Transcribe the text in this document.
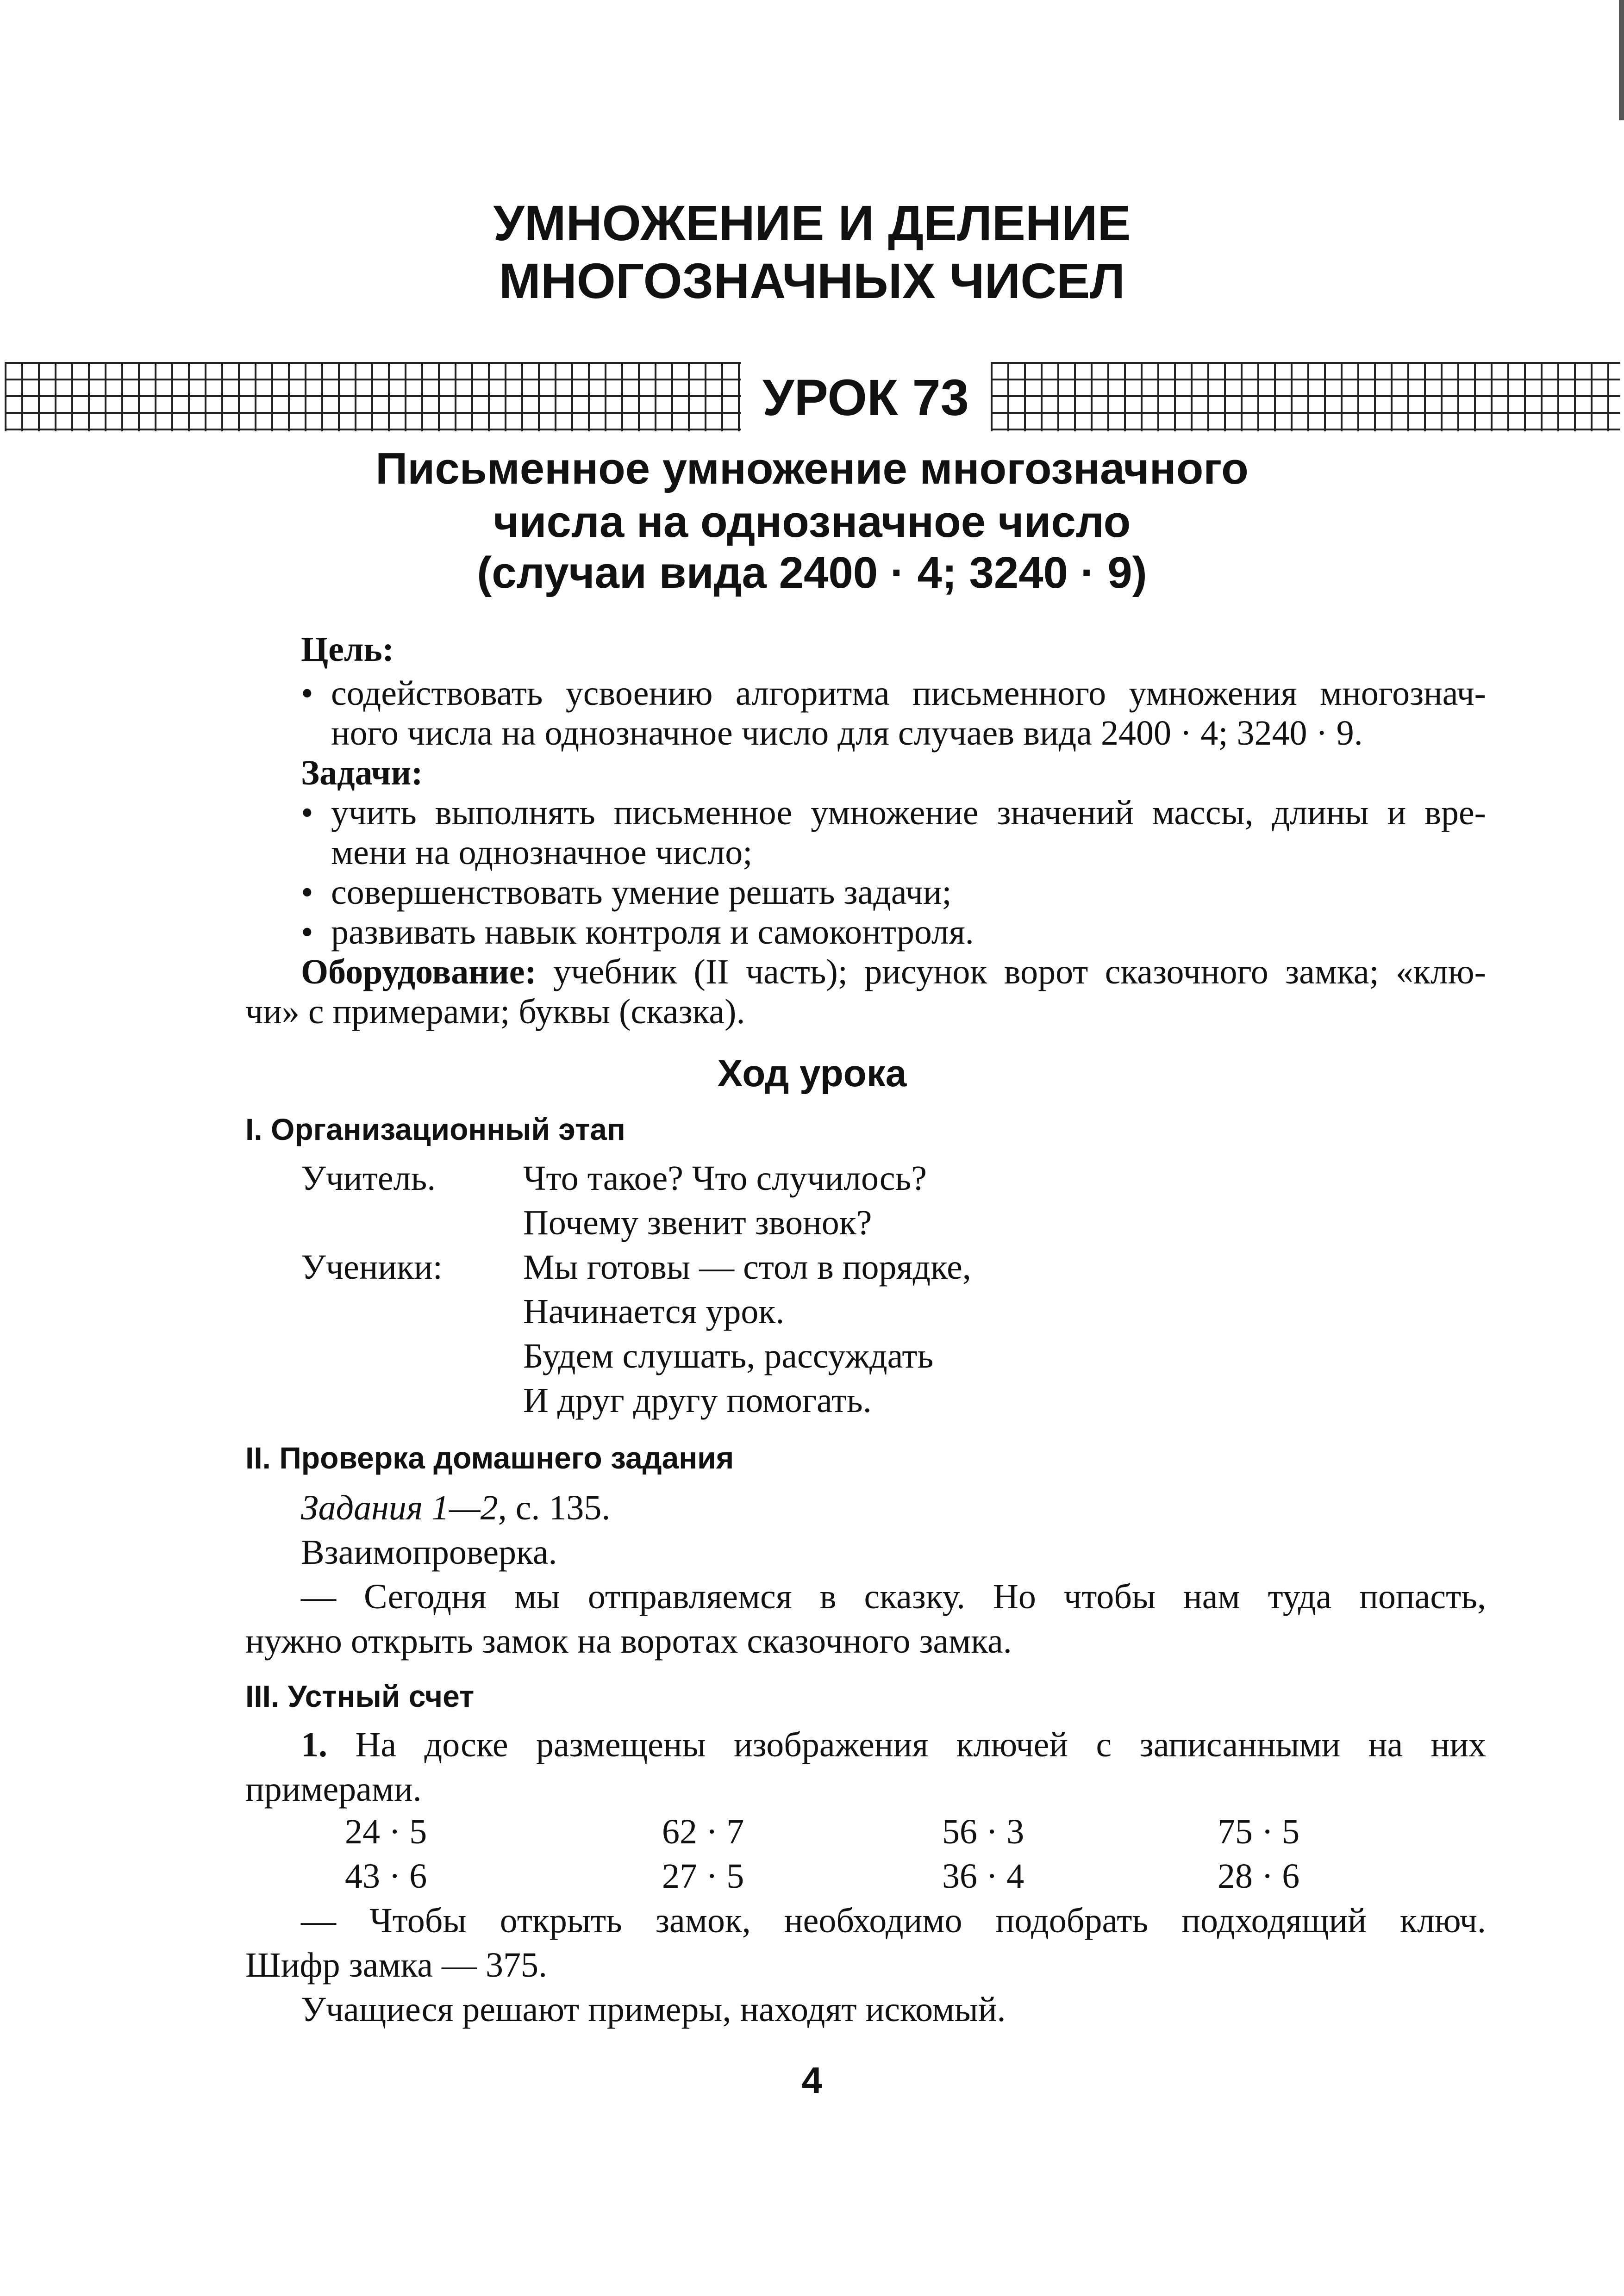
УМНОЖЕНИЕ И ДЕЛЕНИЕ
МНОГОЗНАЧНЫХ ЧИСЕЛ
УРОК 73
Письменное умножение многозначного
числа на однозначное число
(случаи вида 2400 · 4; 3240 · 9)
Цель:
• содействовать усвоению алгоритма письменного умножения многознач-
ного числа на однозначное число для случаев вида 2400 · 4; 3240 · 9.
Задачи:
• учить выполнять письменное умножение значений массы, длины и вре-
мени на однозначное число;
• совершенствовать умение решать задачи;
• развивать навык контроля и самоконтроля.
Оборудование: учебник (II часть); рисунок ворот сказочного замка; «клю-
чи» с примерами; буквы (сказка).
Ход урока
I. Организационный этап
Учитель. Что такое? Что случилось?
Почему звенит звонок?
Ученики: Мы готовы — стол в порядке,
Начинается урок.
Будем слушать, рассуждать
И друг другу помогать.
II. Проверка домашнего задания
Задания 1—2, с. 135.
Взаимопроверка.
— Сегодня мы отправляемся в сказку. Но чтобы нам туда попасть,
нужно открыть замок на воротах сказочного замка.
III. Устный счет
1. На доске размещены изображения ключей с записанными на них
примерами.
24 · 5	62 · 7	56 · 3	75 · 5
43 · 6	27 · 5	36 · 4	28 · 6
— Чтобы открыть замок, необходимо подобрать подходящий ключ.
Шифр замка — 375.
Учащиеся решают примеры, находят искомый.
4
